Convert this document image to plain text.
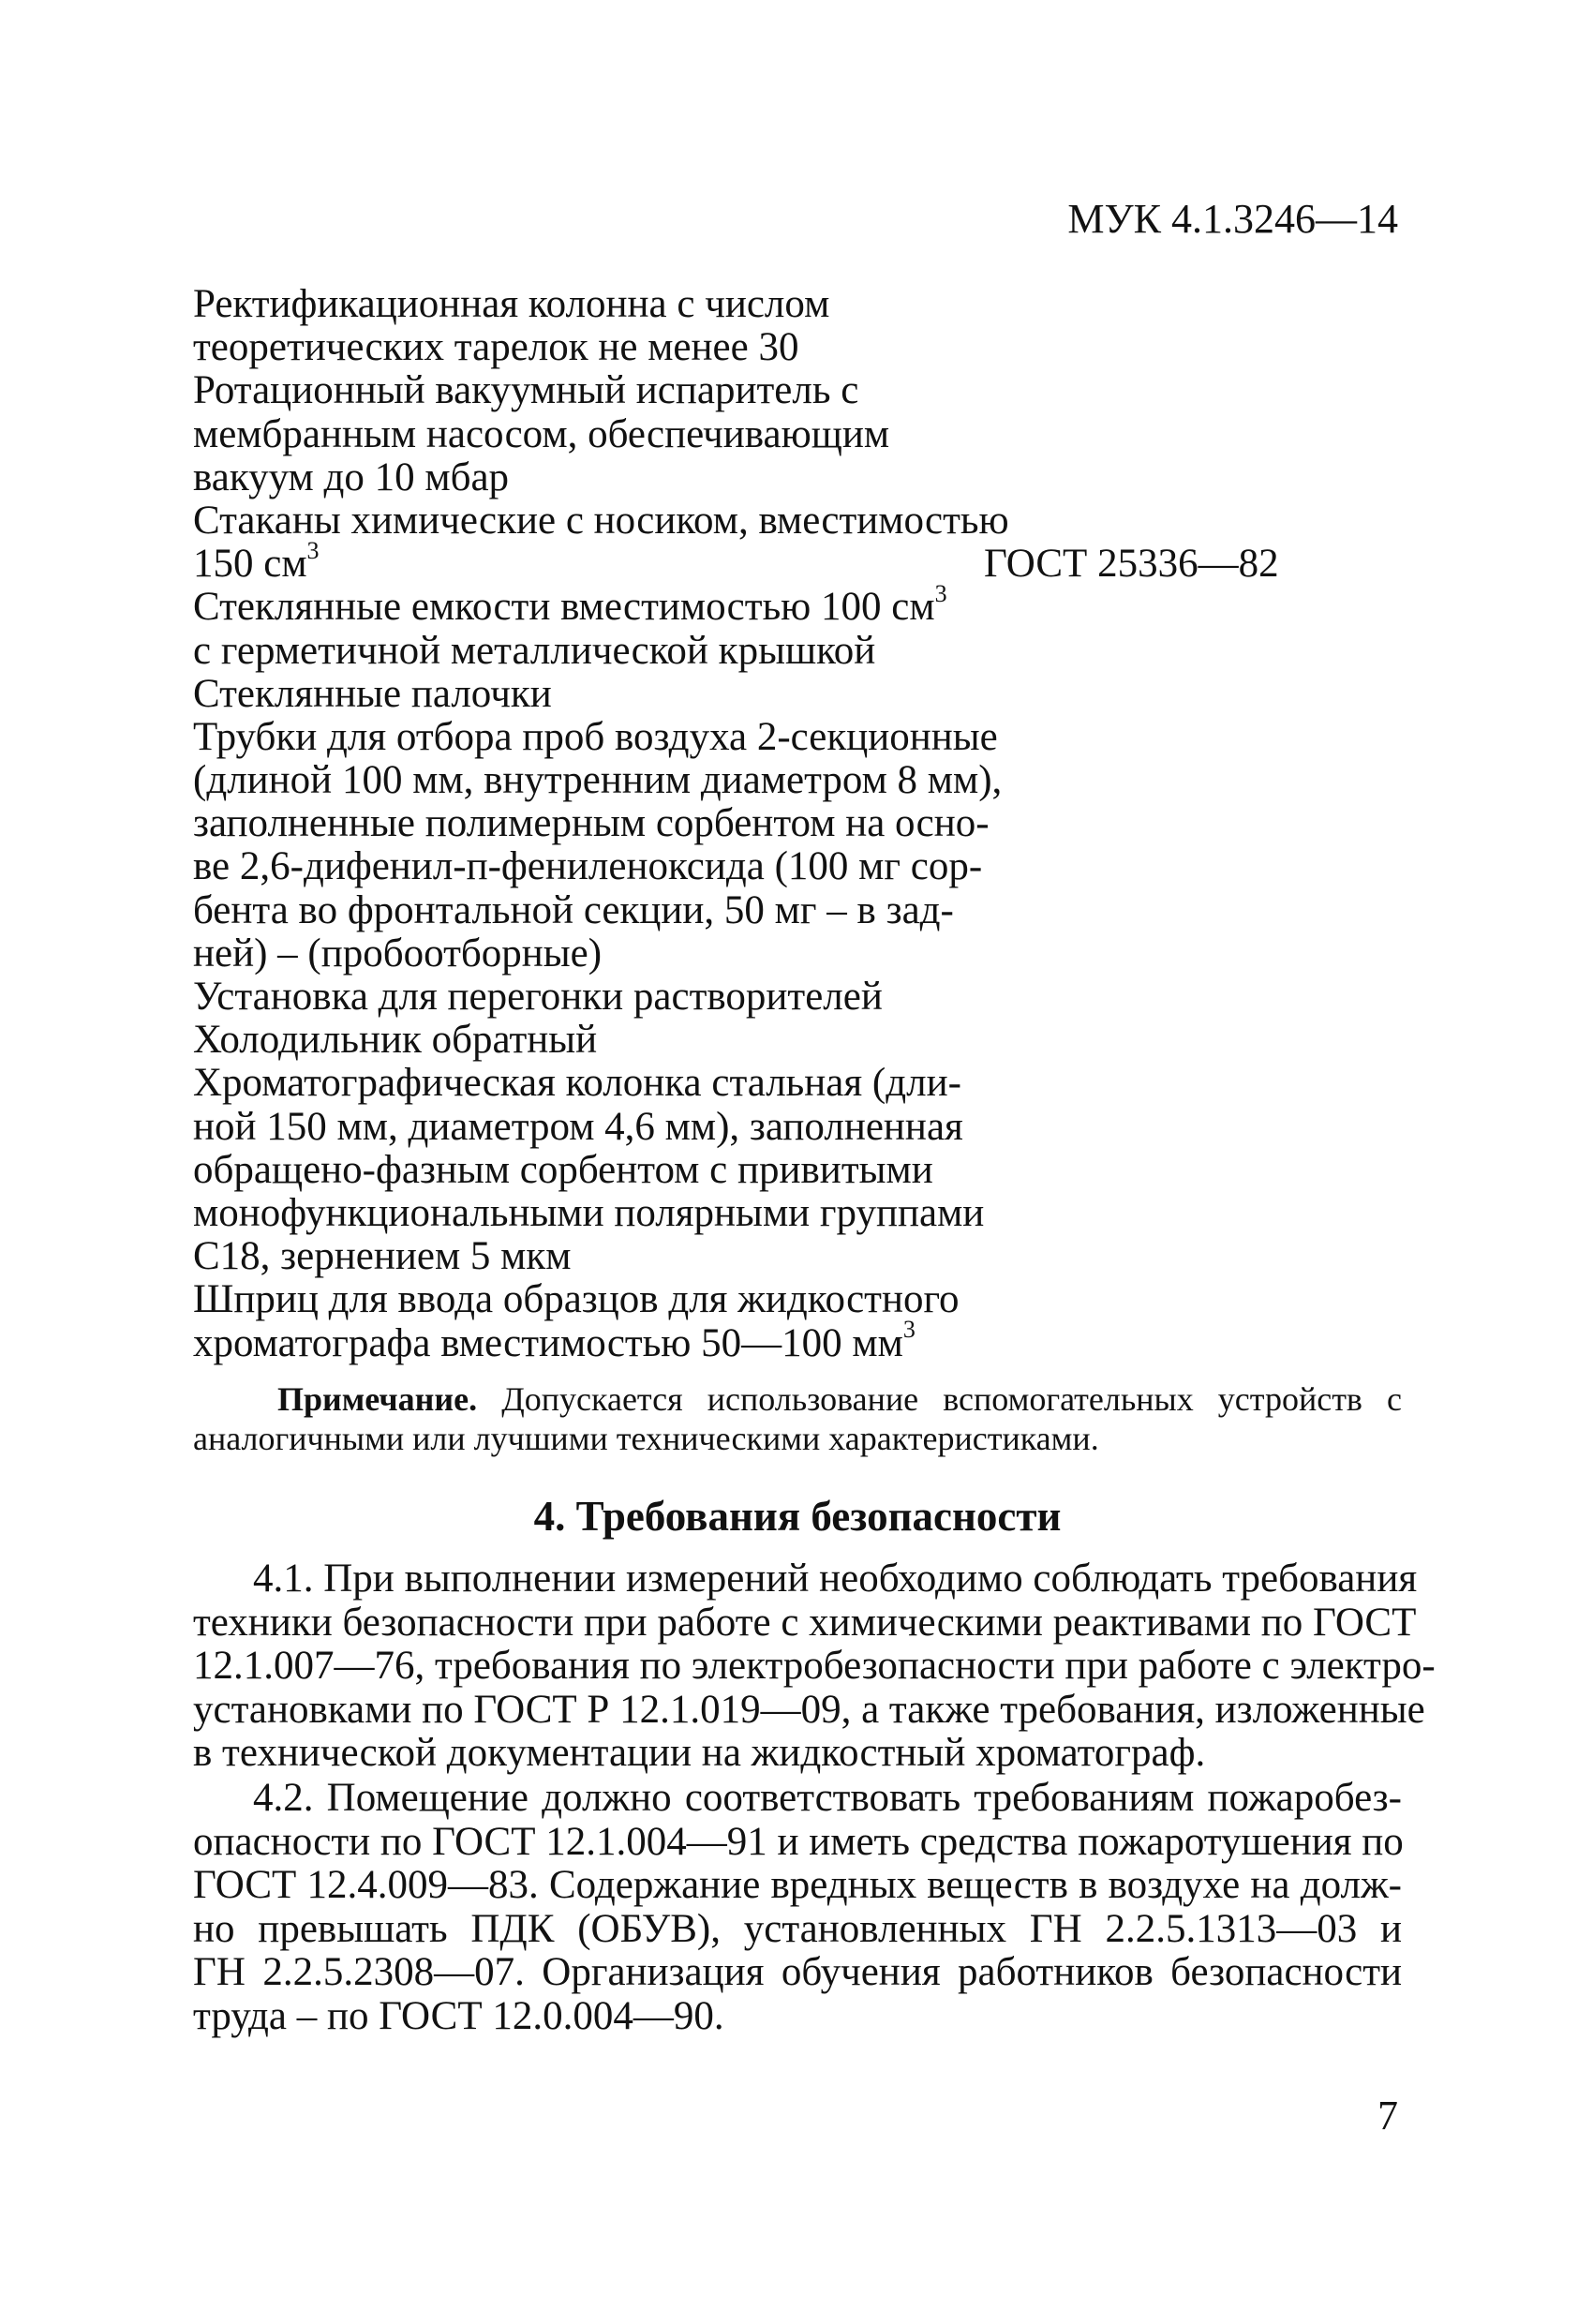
МУК 4.1.3246—14
Ректификационная колонна с числом
теоретических тарелок не менее 30
Ротационный вакуумный испаритель с
мембранным насосом, обеспечивающим
вакуум до 10 мбар
Стаканы химические с носиком, вместимостью
150 $см^3$	ГОСТ 25336—82
Стеклянные емкости вместимостью 100 $см^3$
с герметичной металлической крышкой
Стеклянные палочки
Трубки для отбора проб воздуха 2-секционные
(длиной 100 мм, внутренним диаметром 8 мм),
заполненные полимерным сорбентом на осно-
ве 2,6-дифенил-п-фениленоксида (100 мг сор-
бента во фронтальной секции, 50 мг – в зад-
ней) – (пробоотборные)
Установка для перегонки растворителей
Холодильник обратный
Хроматографическая колонка стальная (дли-
ной 150 мм, диаметром 4,6 мм), заполненная
обращено-фазным сорбентом с привитыми
монофункциональными полярными группами
С18, зернением 5 мкм
Шприц для ввода образцов для жидкостного
хроматографа вместимостью 50—100 $мм^3$
Примечание. Допускается использование вспомогательных устройств с аналогичными или лучшими техническими характеристиками.
4. Требования безопасности
4.1. При выполнении измерений необходимо соблюдать требования
техники безопасности при работе с химическими реактивами по ГОСТ
12.1.007—76, требования по электробезопасности при работе с электро-
установками по ГОСТ Р 12.1.019—09, а также требования, изложенные
в технической документации на жидкостный хроматограф.
4.2. Помещение должно соответствовать требованиям пожаробез-
опасности по ГОСТ 12.1.004—91 и иметь средства пожаротушения по
ГОСТ 12.4.009—83. Содержание вредных веществ в воздухе на долж-
но превышать ПДК (ОБУВ), установленных ГН 2.2.5.1313—03 и
ГН 2.2.5.2308—07. Организация обучения работников безопасности
труда – по ГОСТ 12.0.004—90.
7
